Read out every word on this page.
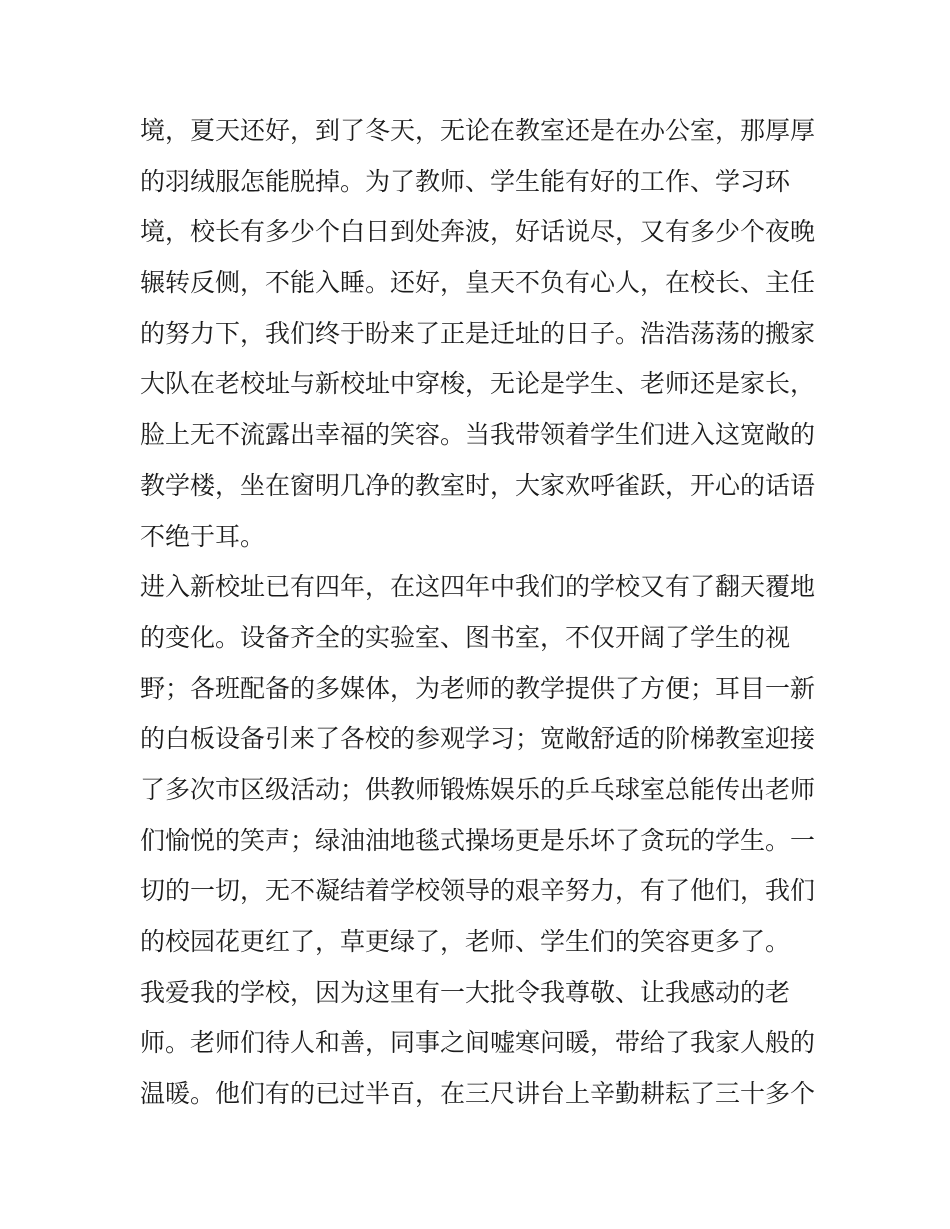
境，夏天还好，到了冬天，无论在教室还是在办公室，那厚厚
的羽绒服怎能脱掉。为了教师、学生能有好的工作、学习环
境，校长有多少个白日到处奔波，好话说尽，又有多少个夜晚
辗转反侧，不能入睡。还好，皇天不负有心人，在校长、主任
的努力下，我们终于盼来了正是迁址的日子。浩浩荡荡的搬家
大队在老校址与新校址中穿梭，无论是学生、老师还是家长，
脸上无不流露出幸福的笑容。当我带领着学生们进入这宽敞的
教学楼，坐在窗明几净的教室时，大家欢呼雀跃，开心的话语
不绝于耳。
进入新校址已有四年，在这四年中我们的学校又有了翻天覆地
的变化。设备齐全的实验室、图书室，不仅开阔了学生的视
野；各班配备的多媒体，为老师的教学提供了方便；耳目一新
的白板设备引来了各校的参观学习；宽敞舒适的阶梯教室迎接
了多次市区级活动；供教师锻炼娱乐的乒乓球室总能传出老师
们愉悦的笑声；绿油油地毯式操场更是乐坏了贪玩的学生。一
切的一切，无不凝结着学校领导的艰辛努力，有了他们，我们
的校园花更红了，草更绿了，老师、学生们的笑容更多了。
我爱我的学校，因为这里有一大批令我尊敬、让我感动的老
师。老师们待人和善，同事之间嘘寒问暖，带给了我家人般的
温暖。他们有的已过半百，在三尺讲台上辛勤耕耘了三十多个
